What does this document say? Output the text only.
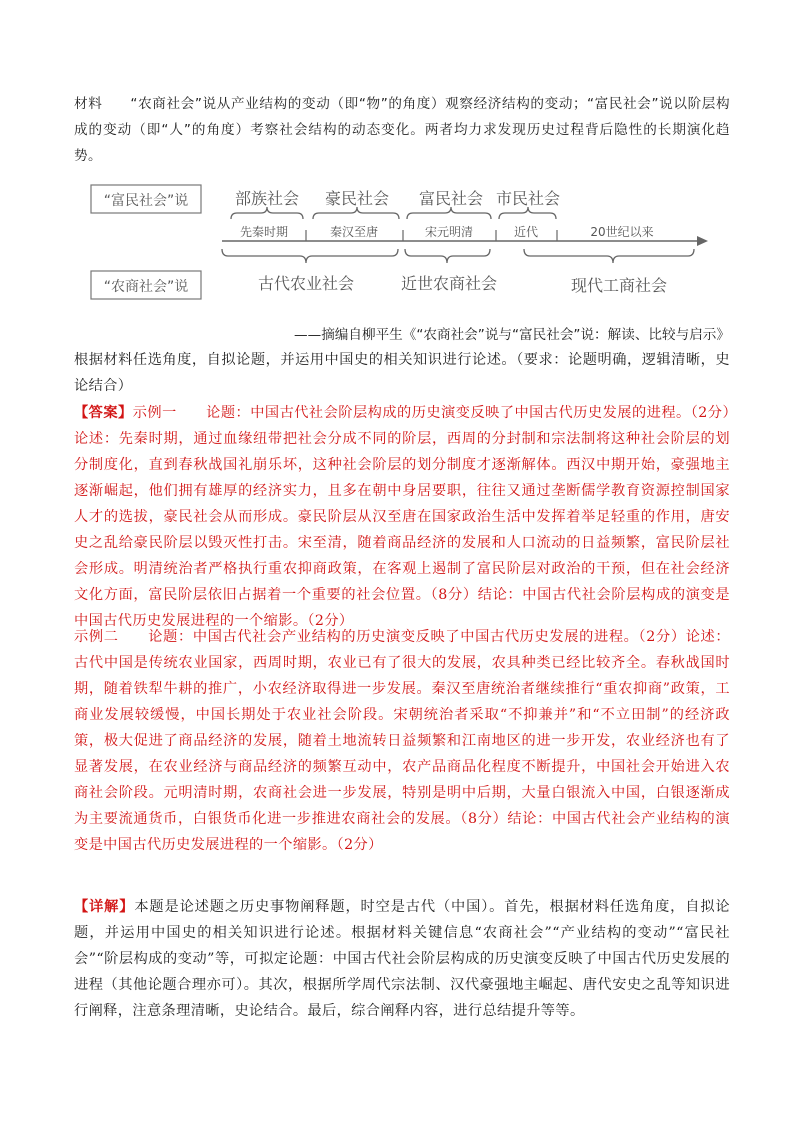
材料 “农商社会”说从产业结构的变动（即“物”的角度）观察经济结构的变动；“富民社会”说以阶层构成的变动（即“人”的角度）考察社会结构的动态变化。两者均力求发现历史过程背后隐性的长期演化趋势。

“富民社会”说
“农商社会”说
部族社会 豪民社会 富民社会 市民社会
先秦时期	秦汉至唐	宋元明清	近代	20世纪以来
古代农业社会	近世农商社会	现代工商社会
——摘编自柳平生《“农商社会”说与“富民社会”说：解读、比较与启示》

根据材料任选角度，自拟论题，并运用中国史的相关知识进行论述。（要求：论题明确，逻辑清晰，史论结合）

【答案】示例一　　论题：中国古代社会阶层构成的历史演变反映了中国古代历史发展的进程。（2分）论述：先秦时期，通过血缘纽带把社会分成不同的阶层，西周的分封制和宗法制将这种社会阶层的划分制度化，直到春秋战国礼崩乐坏，这种社会阶层的划分制度才逐渐解体。西汉中期开始，豪强地主逐渐崛起，他们拥有雄厚的经济实力，且多在朝中身居要职，往往又通过垄断儒学教育资源控制国家人才的选拔，豪民社会从而形成。豪民阶层从汉至唐在国家政治生活中发挥着举足轻重的作用，唐安史之乱给豪民阶层以毁灭性打击。宋至清，随着商品经济的发展和人口流动的日益频繁，富民阶层社会形成。明清统治者严格执行重农抑商政策，在客观上遏制了富民阶层对政治的干预，但在社会经济文化方面，富民阶层依旧占据着一个重要的社会位置。（8分）结论：中国古代社会阶层构成的演变是中国古代历史发展进程的一个缩影。（2分）

示例二　　论题：中国古代社会产业结构的历史演变反映了中国古代历史发展的进程。（2分）论述：古代中国是传统农业国家，西周时期，农业已有了很大的发展，农具种类已经比较齐全。春秋战国时期，随着铁犁牛耕的推广，小农经济取得进一步发展。秦汉至唐统治者继续推行“重农抑商”政策，工商业发展较缓慢，中国长期处于农业社会阶段。宋朝统治者采取“不抑兼并”和“不立田制”的经济政策，极大促进了商品经济的发展，随着土地流转日益频繁和江南地区的进一步开发，农业经济也有了显著发展，在农业经济与商品经济的频繁互动中，农产品商品化程度不断提升，中国社会开始进入农商社会阶段。元明清时期，农商社会进一步发展，特别是明中后期，大量白银流入中国，白银逐渐成为主要流通货币，白银货币化进一步推进农商社会的发展。（8分）结论：中国古代社会产业结构的演变是中国古代历史发展进程的一个缩影。（2分）

【详解】本题是论述题之历史事物阐释题，时空是古代（中国）。首先，根据材料任选角度，自拟论题，并运用中国史的相关知识进行论述。根据材料关键信息“农商社会”“产业结构的变动”“富民社会”“阶层构成的变动”等，可拟定论题：中国古代社会阶层构成的历史演变反映了中国古代历史发展的进程（其他论题合理亦可）。其次，根据所学周代宗法制、汉代豪强地主崛起、唐代安史之乱等知识进行阐释，注意条理清晰，史论结合。最后，综合阐释内容，进行总结提升等等。
